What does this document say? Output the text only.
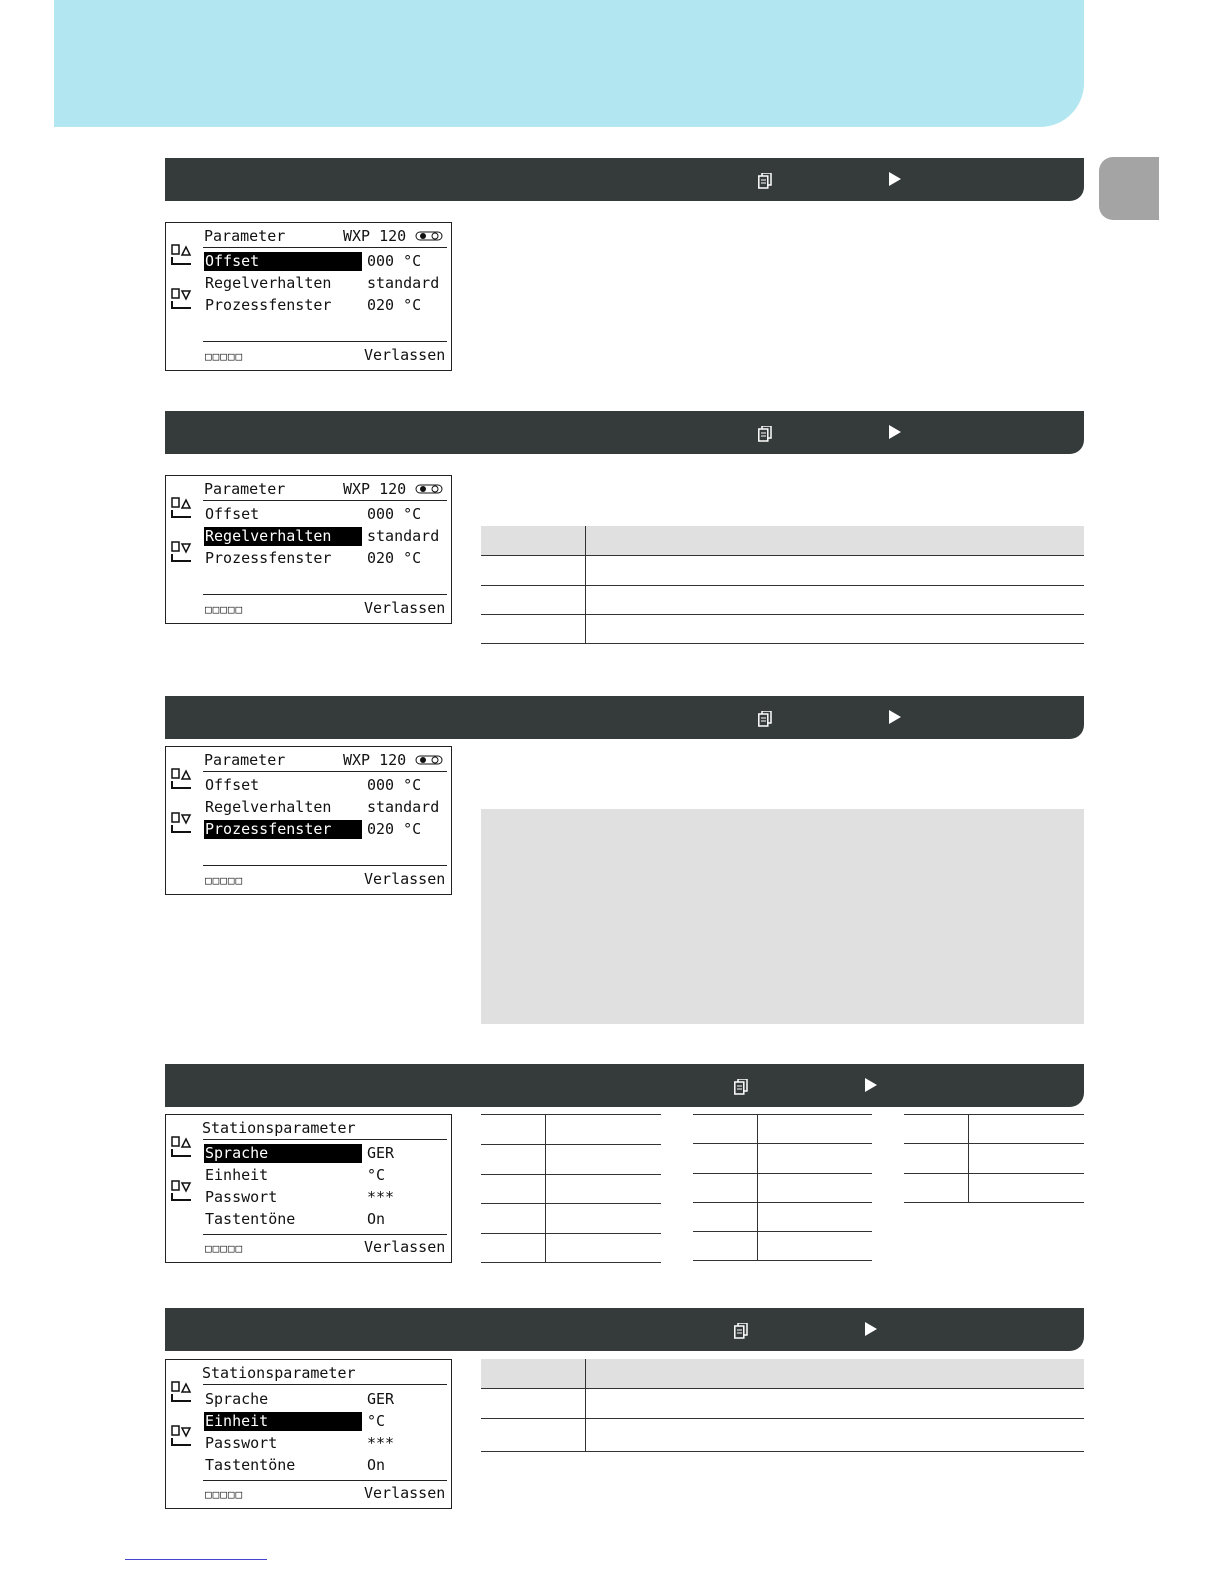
Parameter	WXP 120
Offset	000 °C
Regelverhalten	standard
Prozessfenster	020 °C
□□□□□	Verlassen
Parameter	WXP 120
Offset	000 °C
Regelverhalten	standard
Prozessfenster	020 °C
□□□□□	Verlassen
Parameter	WXP 120
Offset	000 °C
Regelverhalten	standard
Prozessfenster	020 °C
□□□□□	Verlassen
Stationsparameter
Sprache	GER
Einheit	°C
Passwort	***
Tastentöne	On
□□□□□	Verlassen
Stationsparameter
Sprache	GER
Einheit	°C
Passwort	***
Tastentöne	On
□□□□□	Verlassen
